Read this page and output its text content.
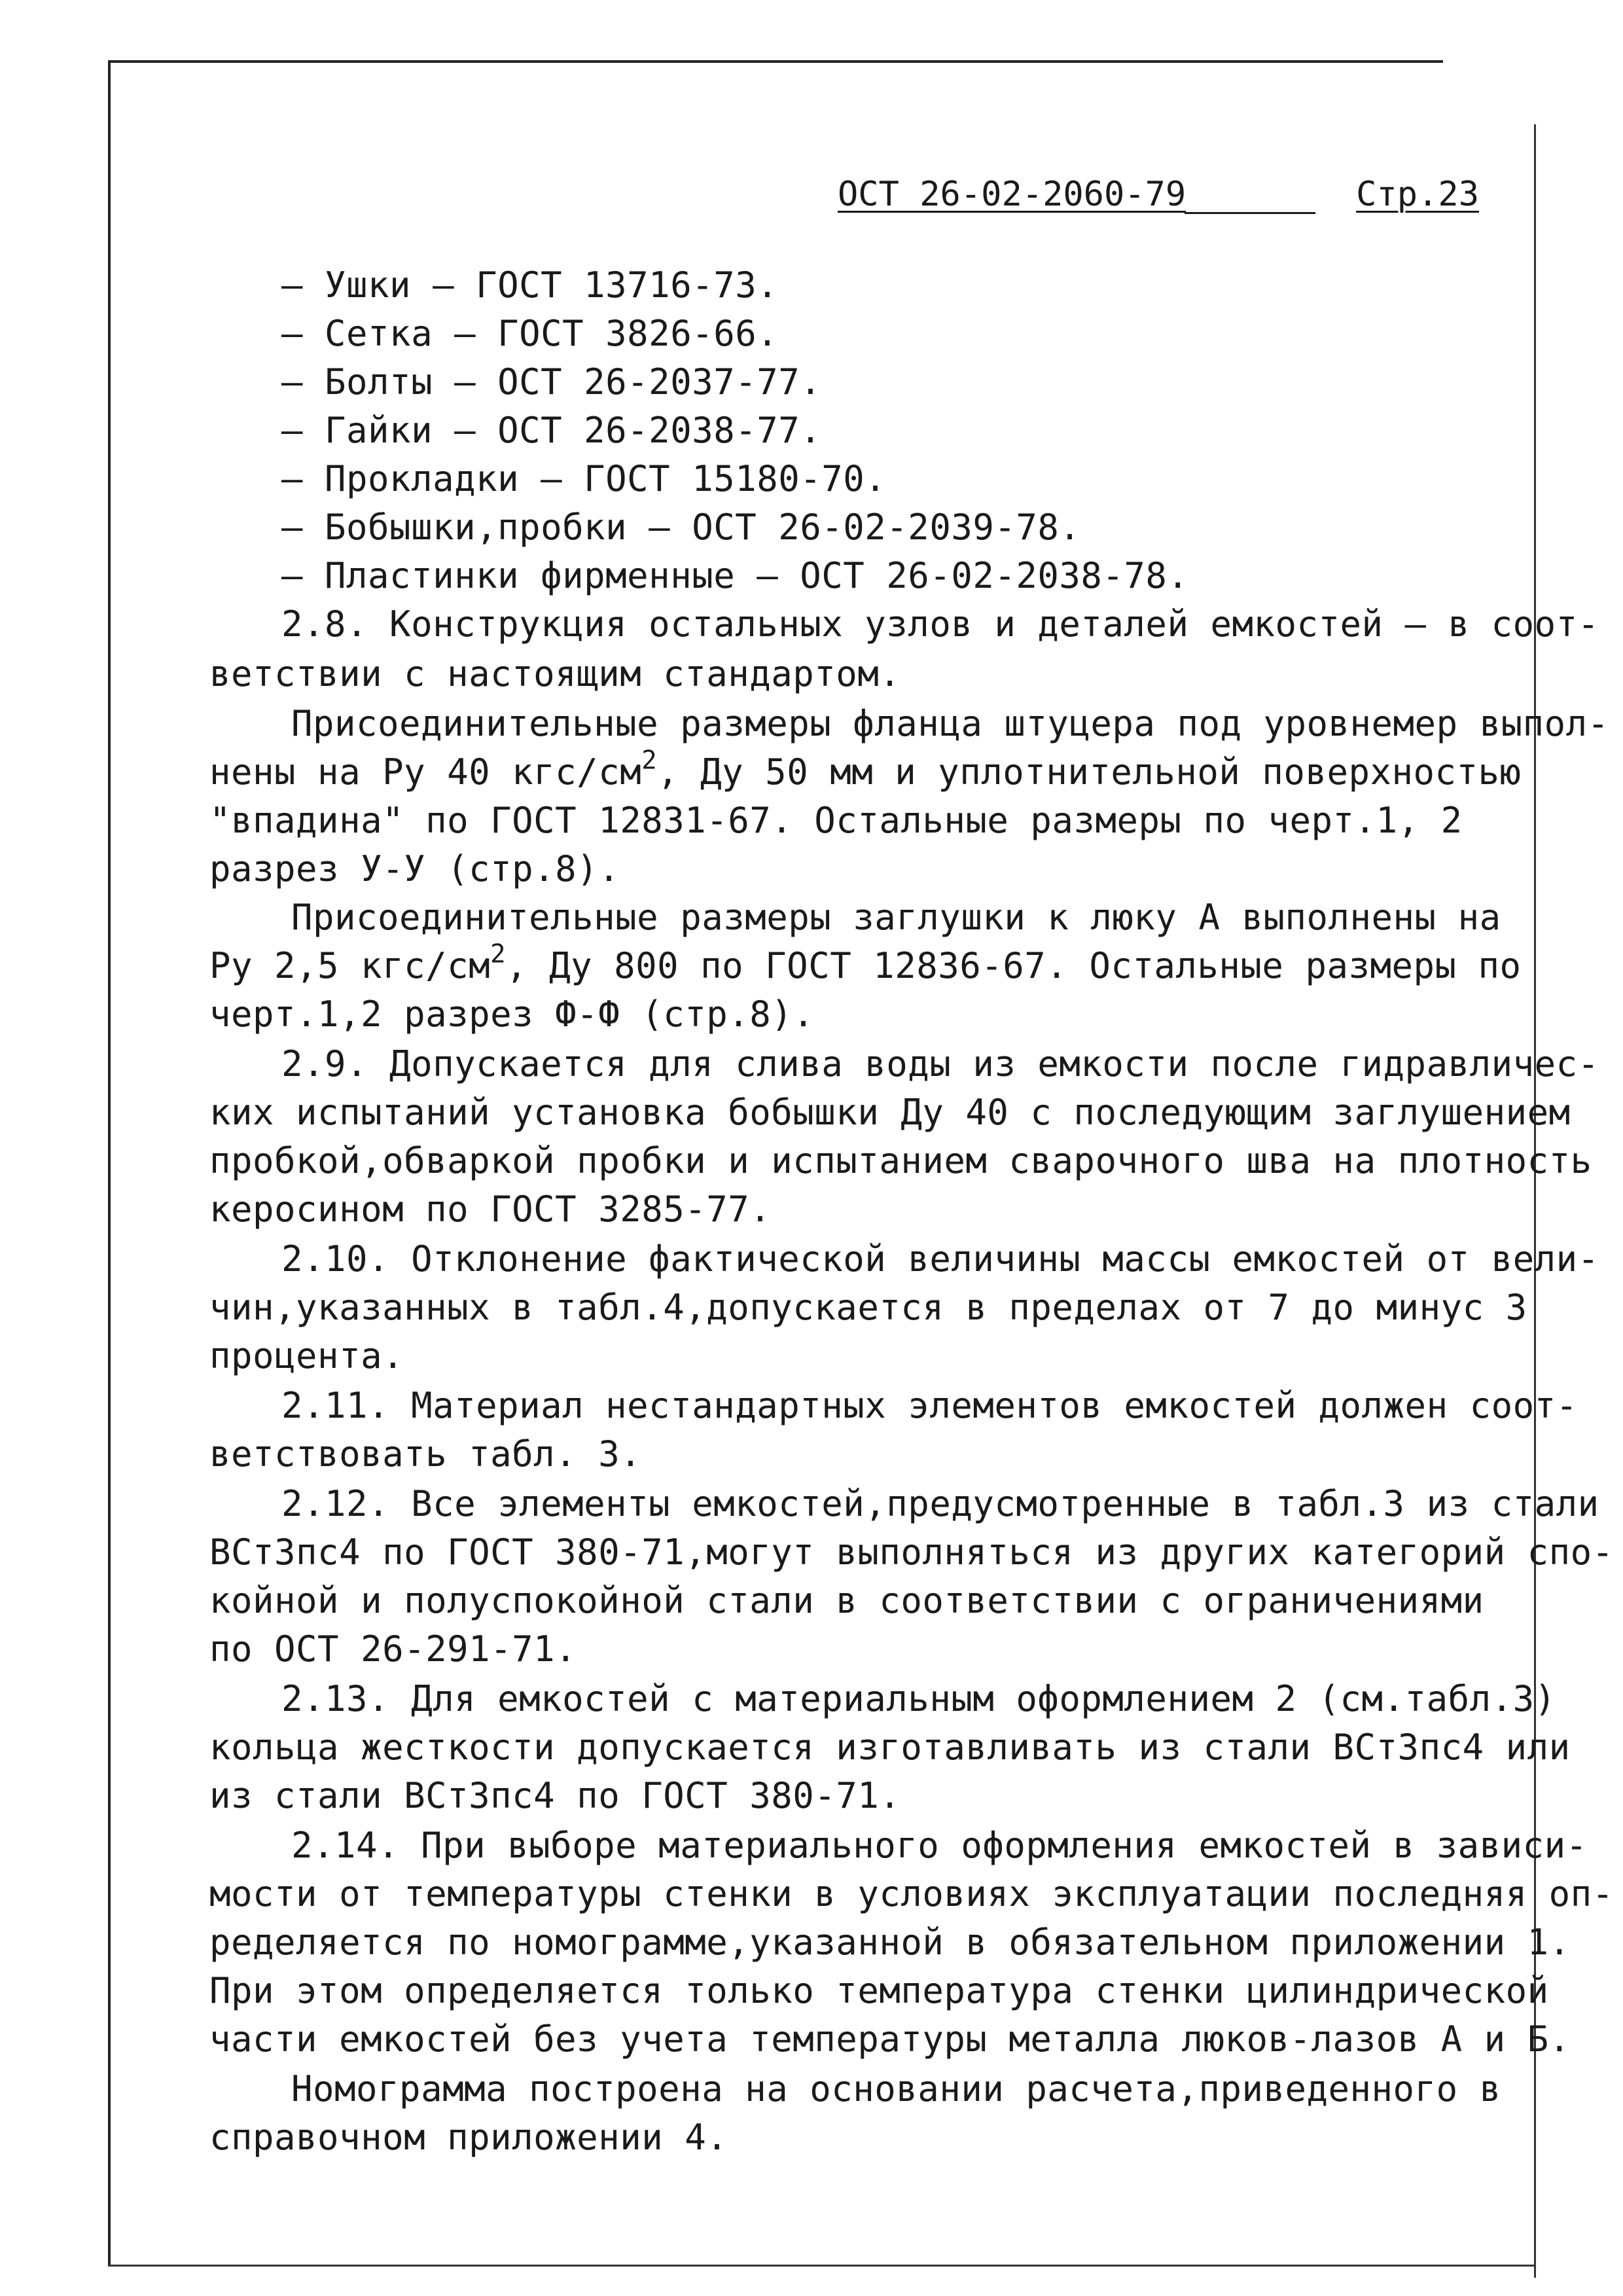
ОСТ 26-02-2060-79	Стр.23
– Ушки – ГОСТ 13716-73.
– Сетка – ГОСТ 3826-66.
– Болты – ОСТ 26-2037-77.
– Гайки – ОСТ 26-2038-77.
– Прокладки – ГОСТ 15180-70.
– Бобышки,пробки – ОСТ 26-02-2039-78.
– Пластинки фирменные – ОСТ 26-02-2038-78.
2.8. Конструкция остальных узлов и деталей емкостей – в соот-
ветствии с настоящим стандартом.
Присоединительные размеры фланца штуцера под уровнемер выпол-
нены на Ру 40 кгс/$см^2$, Ду 50 мм и уплотнительной поверхностью
"впадина" по ГОСТ 12831-67. Остальные размеры по черт.1, 2
разрез У-У (стр.8).
Присоединительные размеры заглушки к люку А выполнены на
Ру 2,5 кгс/$см^2$, Ду 800 по ГОСТ 12836-67. Остальные размеры по
черт.1,2 разрез Ф-Ф (стр.8).
2.9. Допускается для слива воды из емкости после гидравличес-
ких испытаний установка бобышки Ду 40 с последующим заглушением
пробкой,обваркой пробки и испытанием сварочного шва на плотность
керосином по ГОСТ 3285-77.
2.10. Отклонение фактической величины массы емкостей от вели-
чин,указанных в табл.4,допускается в пределах от 7 до минус 3
процента.
2.11. Материал нестандартных элементов емкостей должен соот-
ветствовать табл. 3.
2.12. Все элементы емкостей,предусмотренные в табл.3 из стали
ВСт3пс4 по ГОСТ 380-71,могут выполняться из других категорий спо-
койной и полуспокойной стали в соответствии с ограничениями
по ОСТ 26-291-71.
2.13. Для емкостей с материальным оформлением 2 (см.табл.3)
кольца жесткости допускается изготавливать из стали ВСт3пс4 или
из стали ВСт3пс4 по ГОСТ 380-71.
2.14. При выборе материального оформления емкостей в зависи-
мости от температуры стенки в условиях эксплуатации последняя оп-
ределяется по номограмме,указанной в обязательном приложении 1.
При этом определяется только температура стенки цилиндрической
части емкостей без учета температуры металла люков-лазов А и Б.
Номограмма построена на основании расчета,приведенного в
справочном приложении 4.
